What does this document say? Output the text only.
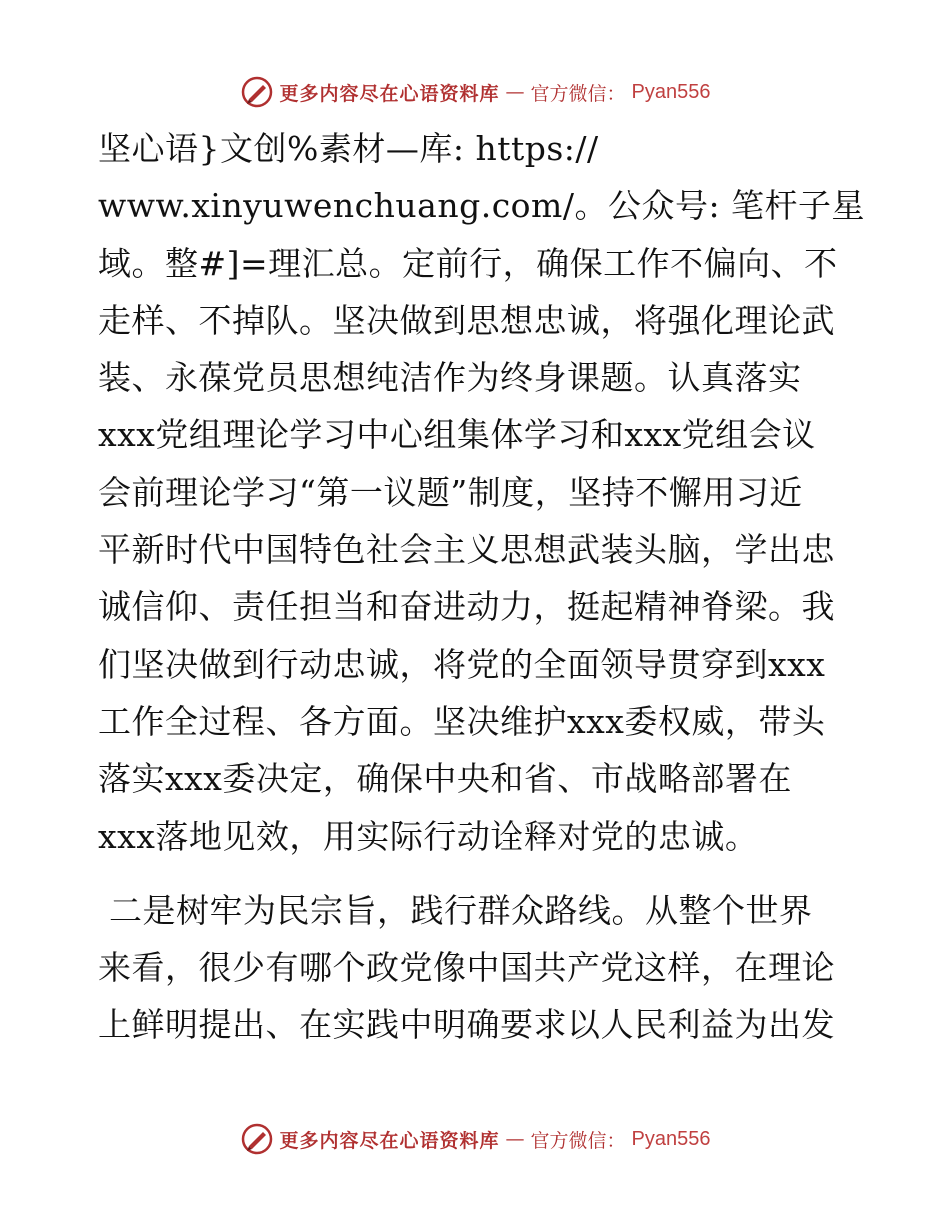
更多内容尽在心语资料库 — 官方微信： Pyan556
坚心语}文创%素材—库: https://
www.xinyuwenchuang.com/。公众号: 笔杆子星
域。整#]=理汇总。定前行，确保工作不偏向、不
走样、不掉队。坚决做到思想忠诚，将强化理论武
装、永葆党员思想纯洁作为终身课题。认真落实
xxx党组理论学习中心组集体学习和xxx党组会议
会前理论学习“第一议题”制度，坚持不懈用习近
平新时代中国特色社会主义思想武装头脑，学出忠
诚信仰、责任担当和奋进动力，挺起精神脊梁。我
们坚决做到行动忠诚，将党的全面领导贯穿到xxx
工作全过程、各方面。坚决维护xxx委权威，带头
落实xxx委决定，确保中央和省、市战略部署在
xxx落地见效，用实际行动诠释对党的忠诚。
二是树牢为民宗旨，践行群众路线。从整个世界
来看，很少有哪个政党像中国共产党这样，在理论
上鲜明提出、在实践中明确要求以人民利益为出发
更多内容尽在心语资料库 — 官方微信： Pyan556
